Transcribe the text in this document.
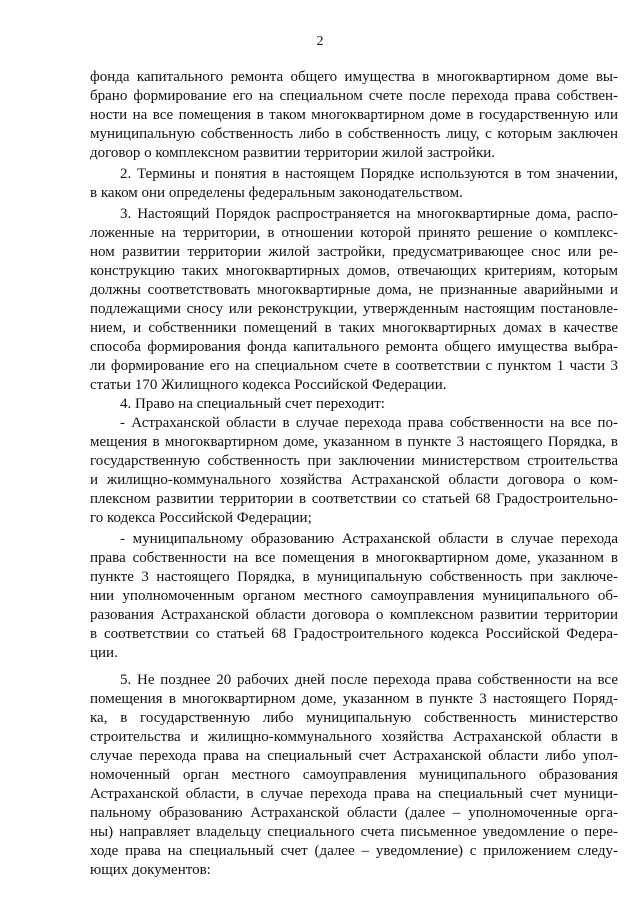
2
фонда капитального ремонта общего имущества в многоквартирном доме вы-
брано формирование его на специальном счете после перехода права собствен-
ности на все помещения в таком многоквартирном доме в государственную или
муниципальную собственность либо в собственность лицу, с которым заключен
договор о комплексном развитии территории жилой застройки.
2. Термины и понятия в настоящем Порядке используются в том значении,
в каком они определены федеральным законодательством.
3. Настоящий Порядок распространяется на многоквартирные дома, распо-
ложенные на территории, в отношении которой принято решение о комплекс-
ном развитии территории жилой застройки, предусматривающее снос или ре-
конструкцию таких многоквартирных домов, отвечающих критериям, которым
должны соответствовать многоквартирные дома, не признанные аварийными и
подлежащими сносу или реконструкции, утвержденным настоящим постановле-
нием, и собственники помещений в таких многоквартирных домах в качестве
способа формирования фонда капитального ремонта общего имущества выбра-
ли формирование его на специальном счете в соответствии с пунктом 1 части 3
статьи 170 Жилищного кодекса Российской Федерации.
4. Право на специальный счет переходит:
- Астраханской области в случае перехода права собственности на все по-
мещения в многоквартирном доме, указанном в пункте 3 настоящего Порядка, в
государственную собственность при заключении министерством строительства
и жилищно-коммунального хозяйства Астраханской области договора о ком-
плексном развитии территории в соответствии со статьей 68 Градостроительно-
го кодекса Российской Федерации;
- муниципальному образованию Астраханской области в случае перехода
права собственности на все помещения в многоквартирном доме, указанном в
пункте 3 настоящего Порядка, в муниципальную собственность при заключе-
нии уполномоченным органом местного самоуправления муниципального об-
разования Астраханской области договора о комплексном развитии территории
в соответствии со статьей 68 Градостроительного кодекса Российской Федера-
ции.
5. Не позднее 20 рабочих дней после перехода права собственности на все
помещения в многоквартирном доме, указанном в пункте 3 настоящего Поряд-
ка, в государственную либо муниципальную собственность министерство
строительства и жилищно-коммунального хозяйства Астраханской области в
случае перехода права на специальный счет Астраханской области либо упол-
номоченный орган местного самоуправления муниципального образования
Астраханской области, в случае перехода права на специальный счет муници-
пальному образованию Астраханской области (далее – уполномоченные орга-
ны) направляет владельцу специального счета письменное уведомление о пере-
ходе права на специальный счет (далее – уведомление) с приложением следу-
ющих документов:
